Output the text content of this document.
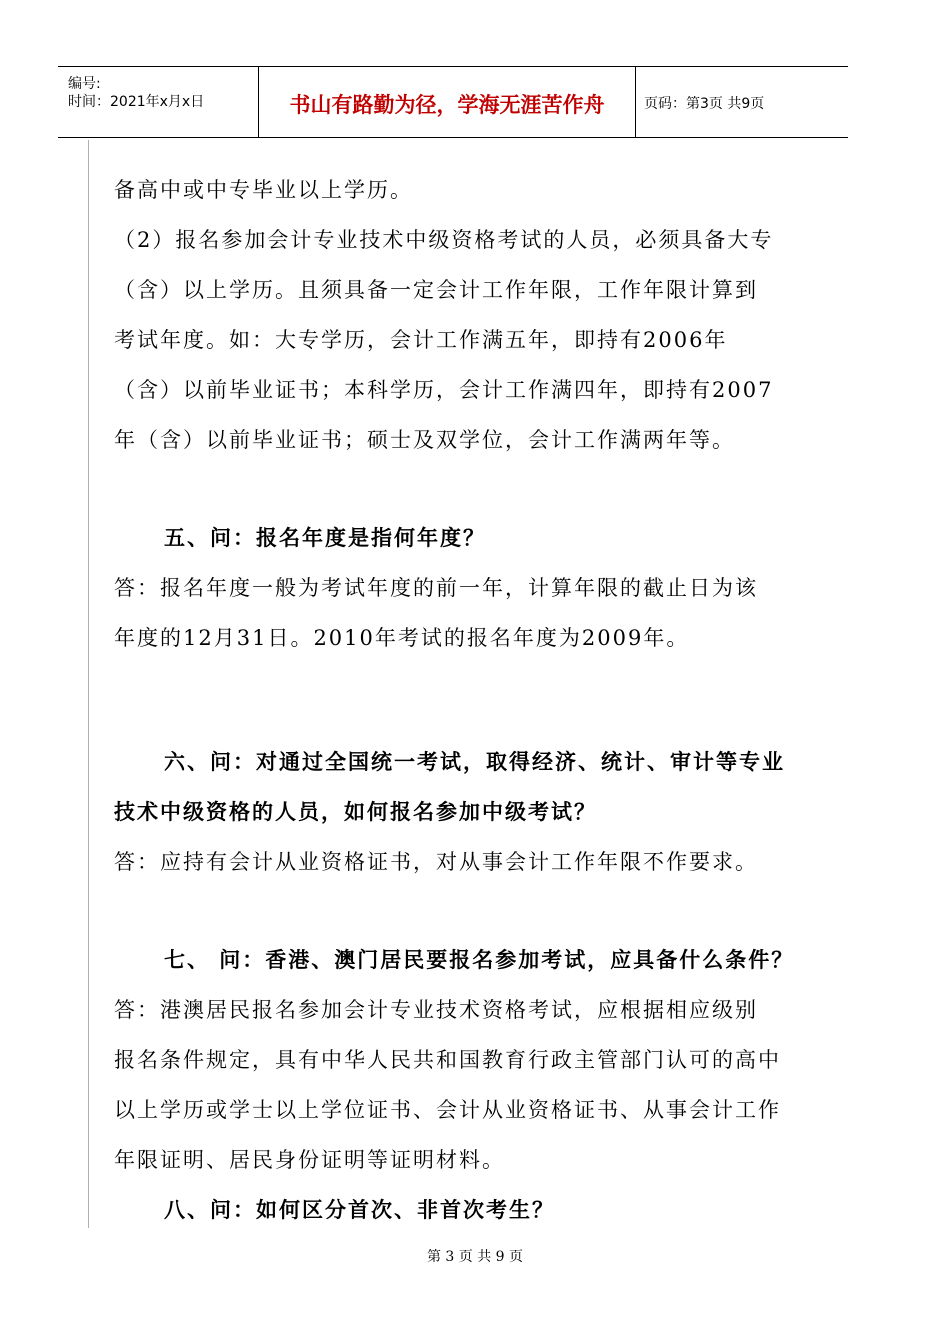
编号:
时间：2021年x月x日	书山有路勤为径，学海无涯苦作舟	页码：第3页 共9页
备高中或中专毕业以上学历。
（2）报名参加会计专业技术中级资格考试的人员，必须具备大专
（含）以上学历。且须具备一定会计工作年限，工作年限计算到
考试年度。如：大专学历，会计工作满五年，即持有2006年
（含）以前毕业证书；本科学历，会计工作满四年，即持有2007
年（含）以前毕业证书；硕士及双学位，会计工作满两年等。
五、问：报名年度是指何年度？
答：报名年度一般为考试年度的前一年，计算年限的截止日为该
年度的12月31日。2010年考试的报名年度为2009年。
六、问：对通过全国统一考试，取得经济、统计、审计等专业
技术中级资格的人员，如何报名参加中级考试？
答：应持有会计从业资格证书，对从事会计工作年限不作要求。
七、 问：香港、澳门居民要报名参加考试，应具备什么条件？
答：港澳居民报名参加会计专业技术资格考试，应根据相应级别
报名条件规定，具有中华人民共和国教育行政主管部门认可的高中
以上学历或学士以上学位证书、会计从业资格证书、从事会计工作
年限证明、居民身份证明等证明材料。
八、问：如何区分首次、非首次考生？
第 3 页 共 9 页
